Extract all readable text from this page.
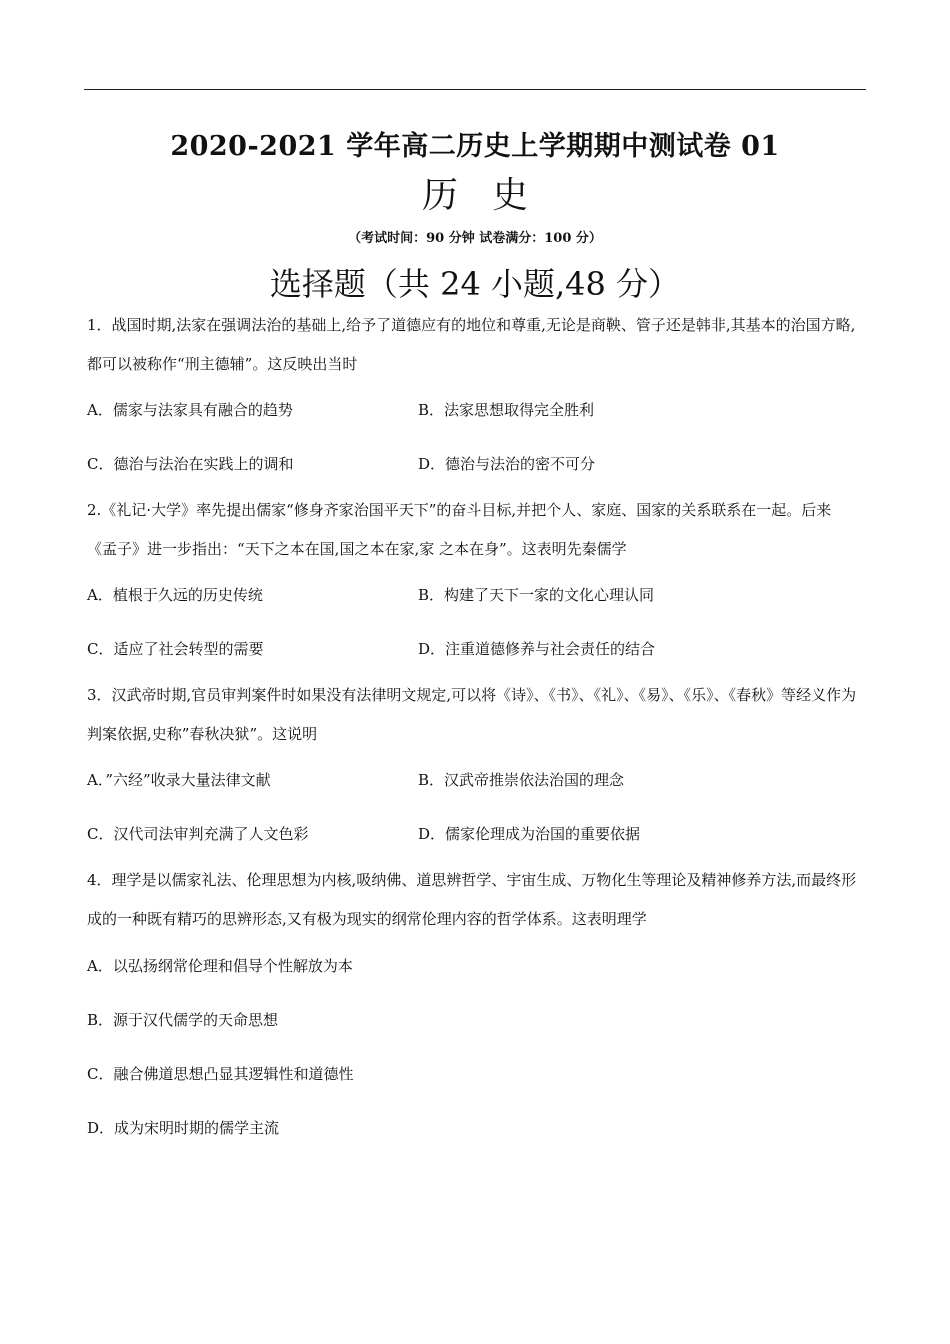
2020-2021 学年高二历史上学期期中测试卷 01
历史
（考试时间：90 分钟 试卷满分：100 分）
选择题（共 24 小题,48 分）

1．战国时期,法家在强调法治的基础上,给予了道德应有的地位和尊重,无论是商鞅、管子还是韩非,其基本的治国方略,都可以被称作“刑主德辅”。这反映出当时

A．儒家与法家具有融合的趋势	B．法家思想取得完全胜利
C．德治与法治在实践上的调和	D．德治与法治的密不可分

2.《礼记·大学》率先提出儒家“修身齐家治国平天下”的奋斗目标,并把个人、家庭、国家的关系联系在一起。后来《孟子》进一步指出：“天下之本在国,国之本在家,家 之本在身”。这表明先秦儒学

A．植根于久远的历史传统	B．构建了天下一家的文化心理认同
C．适应了社会转型的需要	D．注重道德修养与社会责任的结合

3．汉武帝时期,官员审判案件时如果没有法律明文规定,可以将《诗》、《书》、《礼》、《易》、《乐》、《春秋》等经义作为判案依据,史称”春秋决狱”。这说明

A．”六经”收录大量法律文献	B．汉武帝推崇依法治国的理念
C．汉代司法审判充满了人文色彩	D．儒家伦理成为治国的重要依据

4．理学是以儒家礼法、伦理思想为内核,吸纳佛、道思辨哲学、宇宙生成、万物化生等理论及精神修养方法,而最终形成的一种既有精巧的思辨形态,又有极为现实的纲常伦理内容的哲学体系。这表明理学

A．以弘扬纲常伦理和倡导个性解放为本
B．源于汉代儒学的天命思想
C．融合佛道思想凸显其逻辑性和道德性
D．成为宋明时期的儒学主流
